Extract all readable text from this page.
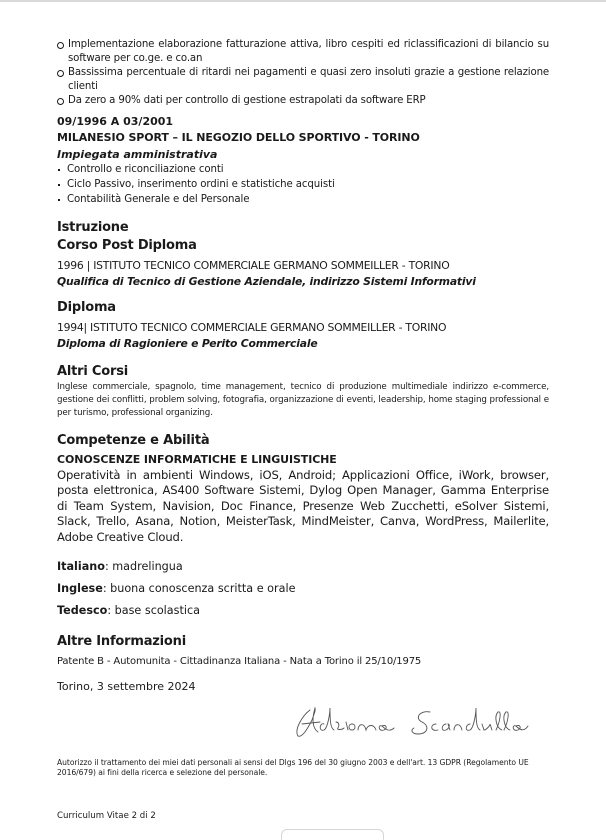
Implementazione elaborazione fatturazione attiva, libro cespiti ed riclassificazioni di bilancio su software per co.ge. e co.an
Bassissima percentuale di ritardi nei pagamenti e quasi zero insoluti grazie a gestione relazione clienti
Da zero a 90% dati per controllo di gestione estrapolati da software ERP
09/1996 A 03/2001
MILANESIO SPORT – IL NEGOZIO DELLO SPORTIVO - TORINO
Impiegata amministrativa
Controllo e riconciliazione conti
Ciclo Passivo, inserimento ordini e statistiche acquisti
Contabilità Generale e del Personale
Istruzione
Corso Post Diploma
1996 | ISTITUTO TECNICO COMMERCIALE GERMANO SOMMEILLER - TORINO
Qualifica di Tecnico di Gestione Aziendale, indirizzo Sistemi Informativi
Diploma
1994| ISTITUTO TECNICO COMMERCIALE GERMANO SOMMEILLER - TORINO
Diploma di Ragioniere e Perito Commerciale
Altri Corsi
Inglese commerciale, spagnolo, time management, tecnico di produzione multimediale indirizzo e-commerce, gestione dei conflitti, problem solving, fotografia, organizzazione di eventi, leadership, home staging professional e per turismo, professional organizing.
Competenze e Abilità
CONOSCENZE INFORMATICHE E LINGUISTICHE
Operatività in ambienti Windows, iOS, Android; Applicazioni Office, iWork, browser, posta elettronica, AS400 Software Sistemi, Dylog Open Manager, Gamma Enterprise di Team System, Navision, Doc Finance, Presenze Web Zucchetti, eSolver Sistemi, Slack, Trello, Asana, Notion, MeisterTask, MindMeister, Canva, WordPress, Mailerlite, Adobe Creative Cloud.
Italiano: madrelingua
Inglese: buona conoscenza scritta e orale
Tedesco: base scolastica
Altre Informazioni
Patente B - Automunita - Cittadinanza Italiana - Nata a Torino il 25/10/1975
Torino, 3 settembre 2024
Autorizzo il trattamento dei miei dati personali ai sensi del Dlgs 196 del 30 giugno 2003 e dell'art. 13 GDPR (Regolamento UE 2016/679) ai fini della ricerca e selezione del personale.
Curriculum Vitae 2 di 2
